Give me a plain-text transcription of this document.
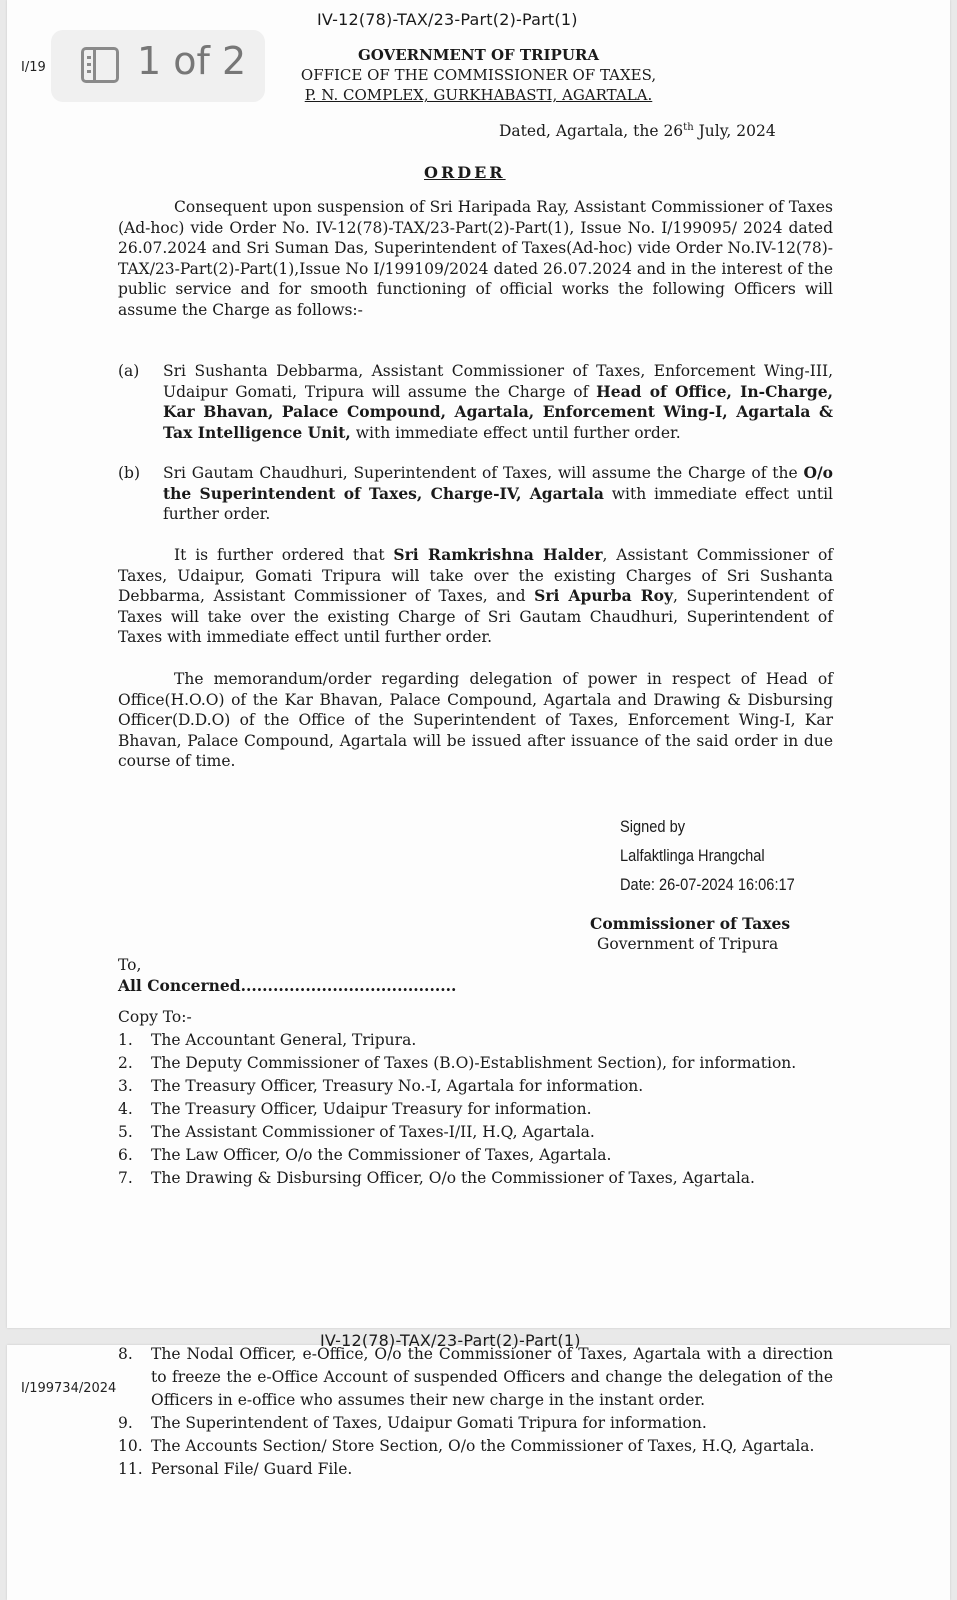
IV-12(78)-TAX/23-Part(2)-Part(1)
I/19 1 of 2	GOVERNMENT OF TRIPURA
OFFICE OF THE COMMISSIONER OF TAXES,
P. N. COMPLEX, GURKHABASTI, AGARTALA.
Dated, Agartala, the 26th July, 2024
ORDER

Consequent upon suspension of Sri Haripada Ray, Assistant Commissioner of Taxes (Ad-hoc) vide Order No. IV-12(78)-TAX/23-Part(2)-Part(1), Issue No. I/199095/ 2024 dated 26.07.2024 and Sri Suman Das, Superintendent of Taxes(Ad-hoc) vide Order No.IV-12(78)-TAX/23-Part(2)-Part(1),Issue No I/199109/2024 dated 26.07.2024 and in the interest of the public service and for smooth functioning of official works the following Officers will assume the Charge as follows:-

(a) Sri Sushanta Debbarma, Assistant Commissioner of Taxes, Enforcement Wing-III, Udaipur Gomati, Tripura will assume the Charge of Head of Office, In-Charge, Kar Bhavan, Palace Compound, Agartala, Enforcement Wing-I, Agartala & Tax Intelligence Unit, with immediate effect until further order.
(b) Sri Gautam Chaudhuri, Superintendent of Taxes, will assume the Charge of the O/o the Superintendent of Taxes, Charge-IV, Agartala with immediate effect until further order.

It is further ordered that Sri Ramkrishna Halder, Assistant Commissioner of Taxes, Udaipur, Gomati Tripura will take over the existing Charges of Sri Sushanta Debbarma, Assistant Commissioner of Taxes, and Sri Apurba Roy, Superintendent of Taxes will take over the existing Charge of Sri Gautam Chaudhuri, Superintendent of Taxes with immediate effect until further order.

The memorandum/order regarding delegation of power in respect of Head of Office(H.O.O) of the Kar Bhavan, Palace Compound, Agartala and Drawing & Disbursing Officer(D.D.O) of the Office of the Superintendent of Taxes, Enforcement Wing-I, Kar Bhavan, Palace Compound, Agartala will be issued after issuance of the said order in due course of time.

Signed by
Lalfaktlinga Hrangchal
Date: 26-07-2024 16:06:17
Commissioner of Taxes
Government of Tripura
To,
All Concerned........................................
Copy To:-
1. The Accountant General, Tripura.
2. The Deputy Commissioner of Taxes (B.O)-Establishment Section), for information.
3. The Treasury Officer, Treasury No.-I, Agartala for information.
4. The Treasury Officer, Udaipur Treasury for information.
5. The Assistant Commissioner of Taxes-I/II, H.Q, Agartala.
6. The Law Officer, O/o the Commissioner of Taxes, Agartala.
7. The Drawing & Disbursing Officer, O/o the Commissioner of Taxes, Agartala.
IV-12(78)-TAX/23-Part(2)-Part(1)
I/199734/2024
8. The Nodal Officer, e-Office, O/o the Commissioner of Taxes, Agartala with a direction to freeze the e-Office Account of suspended Officers and change the delegation of the Officers in e-office who assumes their new charge in the instant order.
9. The Superintendent of Taxes, Udaipur Gomati Tripura for information.
10. The Accounts Section/ Store Section, O/o the Commissioner of Taxes, H.Q, Agartala.
11. Personal File/ Guard File.
